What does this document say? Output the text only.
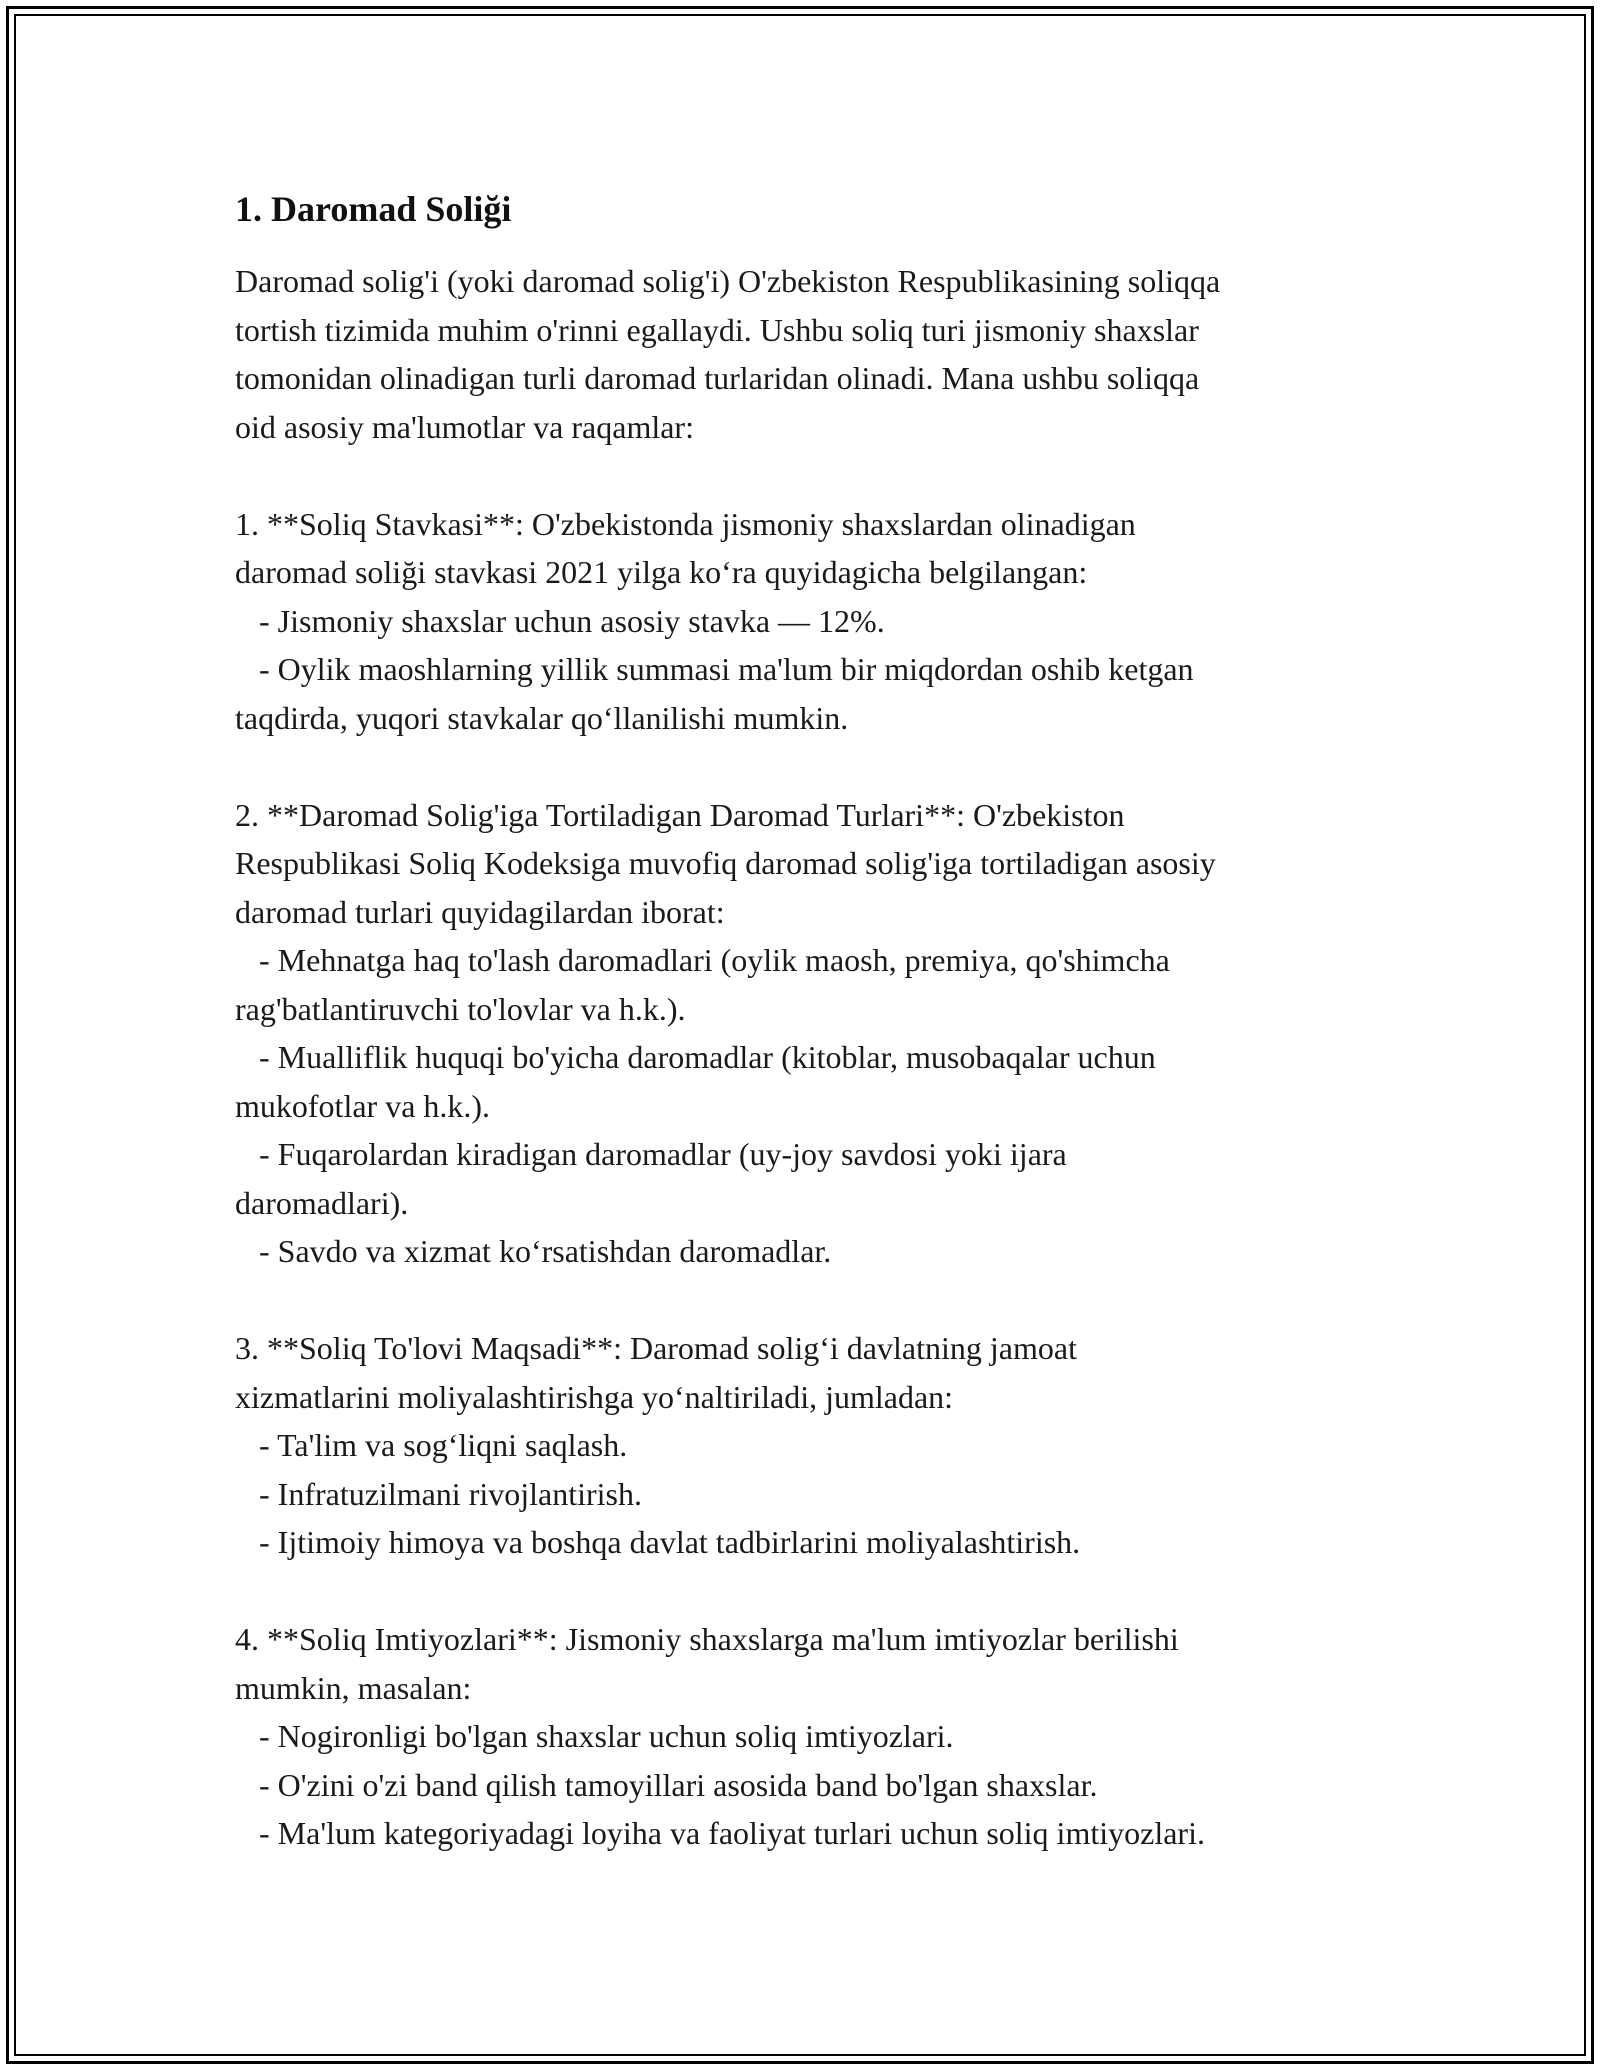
1. Daromad Soliği

Daromad solig'i (yoki daromad solig'i) O'zbekiston Respublikasining soliqqa
tortish tizimida muhim o'rinni egallaydi. Ushbu soliq turi jismoniy shaxslar
tomonidan olinadigan turli daromad turlaridan olinadi. Mana ushbu soliqqa
oid asosiy ma'lumotlar va raqamlar:

1. **Soliq Stavkasi**: O'zbekistonda jismoniy shaxslardan olinadigan
daromad soliği stavkasi 2021 yilga koʻra quyidagicha belgilangan:
- Jismoniy shaxslar uchun asosiy stavka — 12%.
- Oylik maoshlarning yillik summasi ma'lum bir miqdordan oshib ketgan
taqdirda, yuqori stavkalar qoʻllanilishi mumkin.

2. **Daromad Solig'iga Tortiladigan Daromad Turlari**: O'zbekiston
Respublikasi Soliq Kodeksiga muvofiq daromad solig'iga tortiladigan asosiy
daromad turlari quyidagilardan iborat:
- Mehnatga haq to'lash daromadlari (oylik maosh, premiya, qo'shimcha
rag'batlantiruvchi to'lovlar va h.k.).
- Mualliflik huquqi bo'yicha daromadlar (kitoblar, musobaqalar uchun
mukofotlar va h.k.).
- Fuqarolardan kiradigan daromadlar (uy-joy savdosi yoki ijara
daromadlari).
- Savdo va xizmat koʻrsatishdan daromadlar.

3. **Soliq To'lovi Maqsadi**: Daromad soligʻi davlatning jamoat
xizmatlarini moliyalashtirishga yoʻnaltiriladi, jumladan:
- Ta'lim va sogʻliqni saqlash.
- Infratuzilmani rivojlantirish.
- Ijtimoiy himoya va boshqa davlat tadbirlarini moliyalashtirish.

4. **Soliq Imtiyozlari**: Jismoniy shaxslarga ma'lum imtiyozlar berilishi
mumkin, masalan:
- Nogironligi bo'lgan shaxslar uchun soliq imtiyozlari.
- O'zini o'zi band qilish tamoyillari asosida band bo'lgan shaxslar.
- Ma'lum kategoriyadagi loyiha va faoliyat turlari uchun soliq imtiyozlari.
